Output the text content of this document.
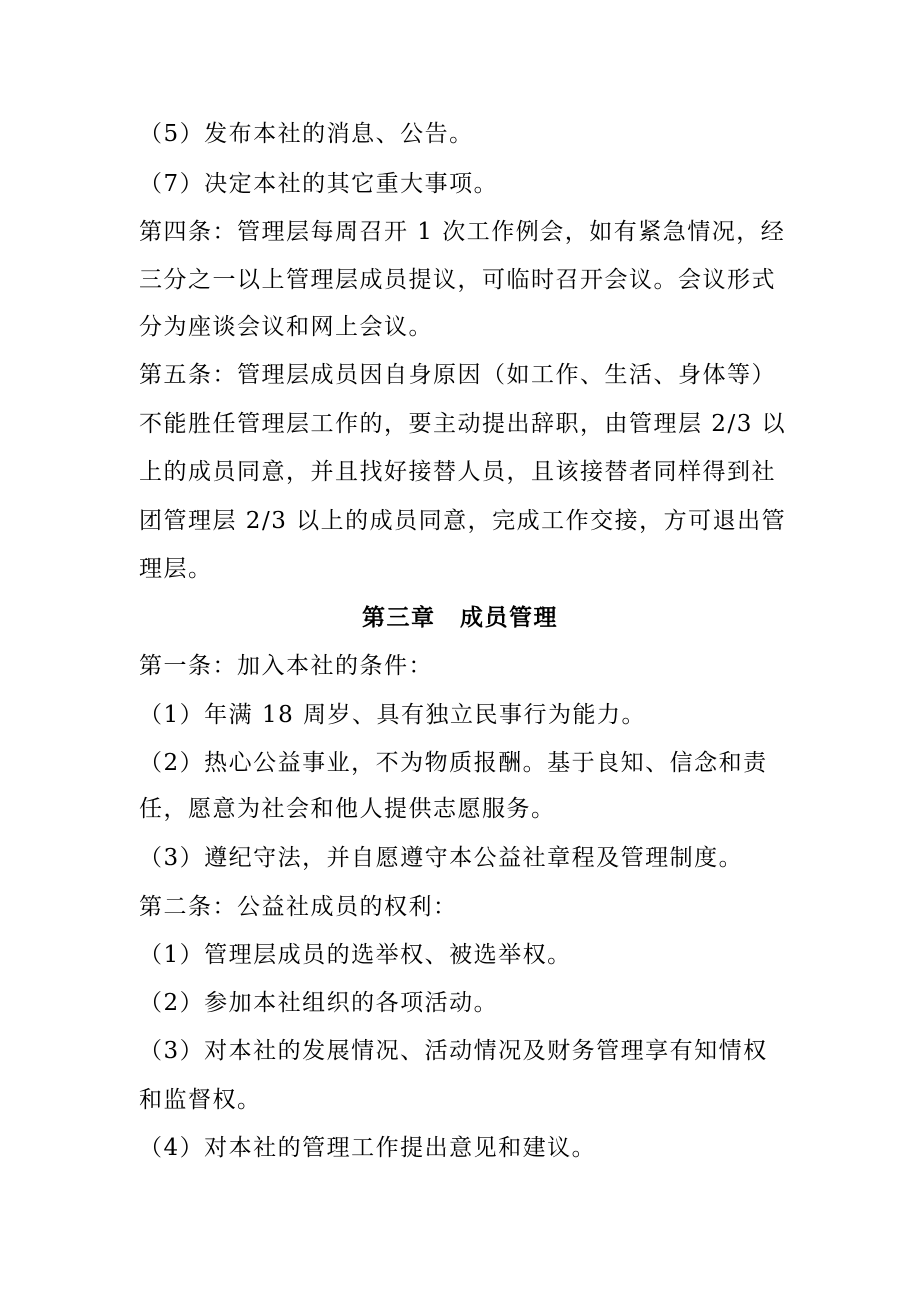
（5）发布本社的消息、公告。
（7）决定本社的其它重大事项。
第四条：管理层每周召开 1 次工作例会，如有紧急情况，经
三分之一以上管理层成员提议，可临时召开会议。会议形式
分为座谈会议和网上会议。
第五条：管理层成员因自身原因（如工作、生活、身体等）
不能胜任管理层工作的，要主动提出辞职，由管理层 2/3 以
上的成员同意，并且找好接替人员，且该接替者同样得到社
团管理层 2/3 以上的成员同意，完成工作交接，方可退出管
理层。
第三章　成员管理
第一条：加入本社的条件：
（1）年满 18 周岁、具有独立民事行为能力。
（2）热心公益事业，不为物质报酬。基于良知、信念和责
任，愿意为社会和他人提供志愿服务。
（3）遵纪守法，并自愿遵守本公益社章程及管理制度。
第二条：公益社成员的权利：
（1）管理层成员的选举权、被选举权。
（2）参加本社组织的各项活动。
（3）对本社的发展情况、活动情况及财务管理享有知情权
和监督权。
（4）对本社的管理工作提出意见和建议。
